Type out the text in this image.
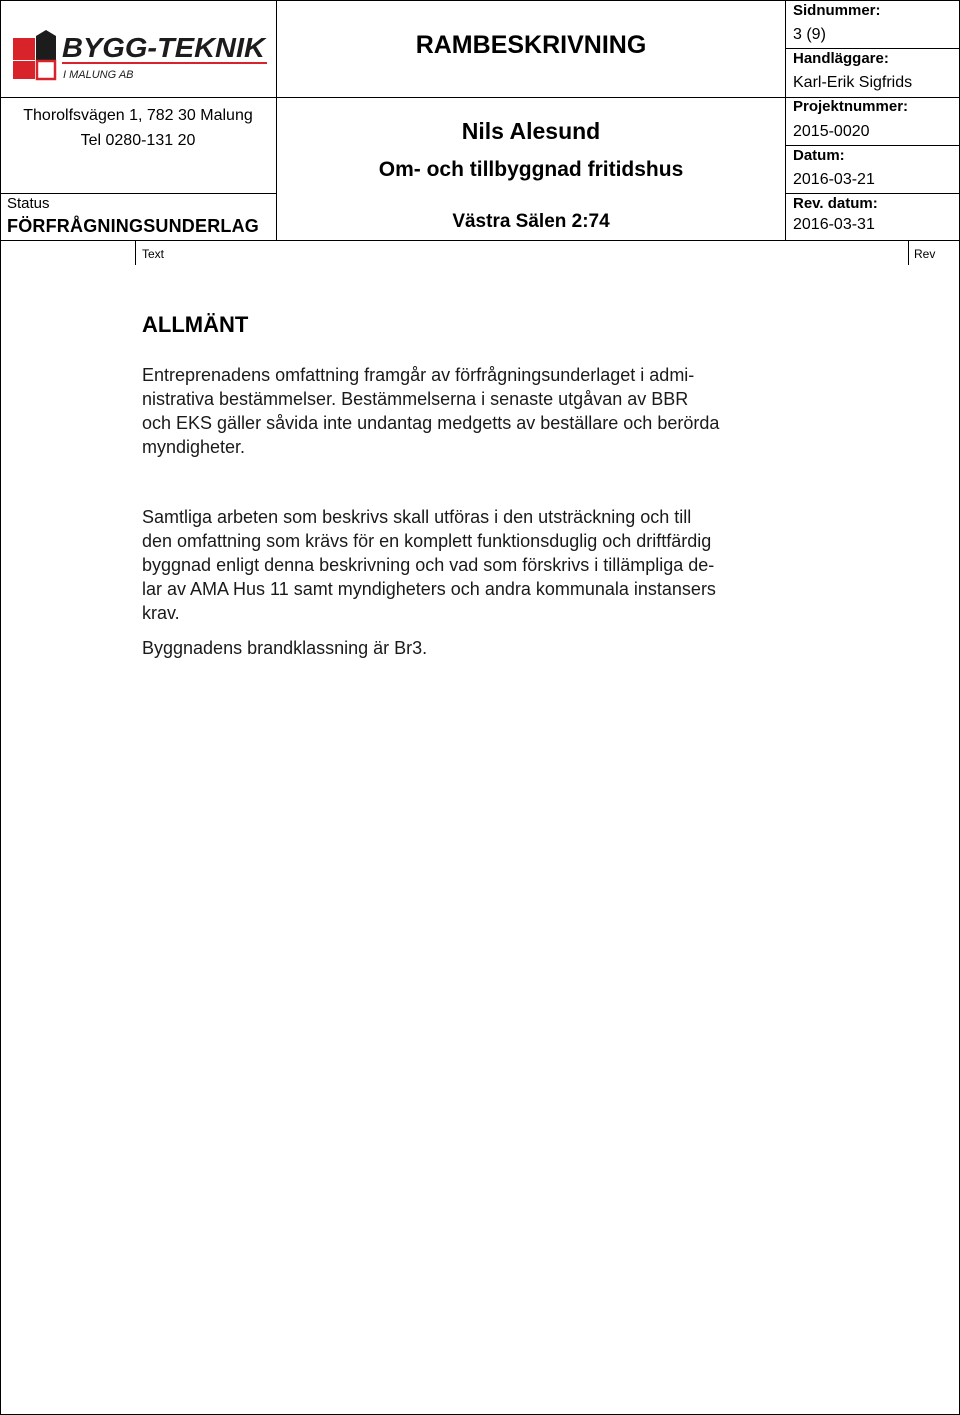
BYGG-TEKNIK
I MALUNG AB
Thorolfsvägen 1, 782 30 Malung
Tel 0280-131 20
Status
FÖRFRÅGNINGSUNDERLAG
RAMBESKRIVNING
Nils Alesund
Om- och tillbyggnad fritidshus
Västra Sälen 2:74
Sidnummer:
3 (9)
Handläggare:
Karl-Erik Sigfrids
Projektnummer:
2015-0020
Datum:
2016-03-21
Rev. datum:
2016-03-31
Text	Rev
ALLMÄNT
Entreprenadens omfattning framgår av förfrågningsunderlaget i admi-
nistrativa bestämmelser. Bestämmelserna i senaste utgåvan av BBR
och EKS gäller såvida inte undantag medgetts av beställare och berörda
myndigheter.
Samtliga arbeten som beskrivs skall utföras i den utsträckning och till
den omfattning som krävs för en komplett funktionsduglig och driftfärdig
byggnad enligt denna beskrivning och vad som förskrivs i tillämpliga de-
lar av AMA Hus 11 samt myndigheters och andra kommunala instansers
krav.
Byggnadens brandklassning är Br3.
